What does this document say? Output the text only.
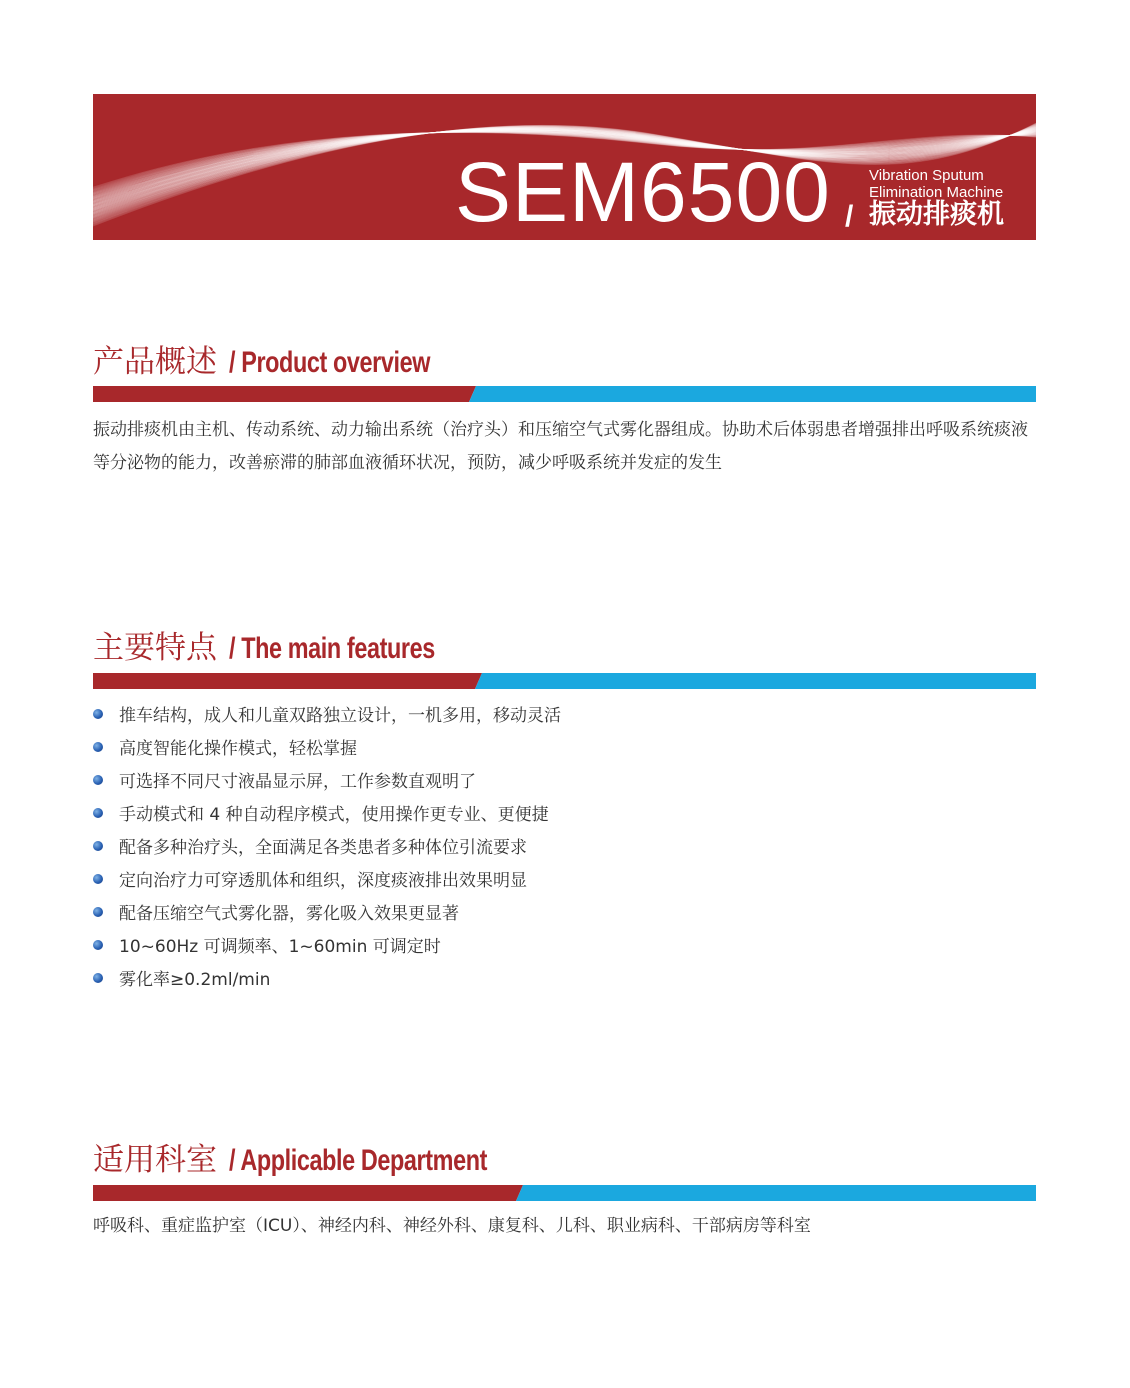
SEM6500 /
Vibration Sputum
Elimination Machine
振动排痰机
产品概述 / Product overview
振动排痰机由主机、传动系统、动力输出系统（治疗头）和压缩空气式雾化器组成。协助术后体弱患者增强排出呼吸系统痰液等分泌物的能力，改善瘀滞的肺部血液循环状况，预防，减少呼吸系统并发症的发生
主要特点 / The main features
推车结构，成人和儿童双路独立设计，一机多用，移动灵活
高度智能化操作模式，轻松掌握
可选择不同尺寸液晶显示屏，工作参数直观明了
手动模式和 4 种自动程序模式，使用操作更专业、更便捷
配备多种治疗头，全面满足各类患者多种体位引流要求
定向治疗力可穿透肌体和组织，深度痰液排出效果明显
配备压缩空气式雾化器，雾化吸入效果更显著
10~60Hz 可调频率、1~60min 可调定时
雾化率≥0.2ml/min
适用科室 / Applicable Department
呼吸科、重症监护室（ICU）、神经内科、神经外科、康复科、儿科、职业病科、干部病房等科室
